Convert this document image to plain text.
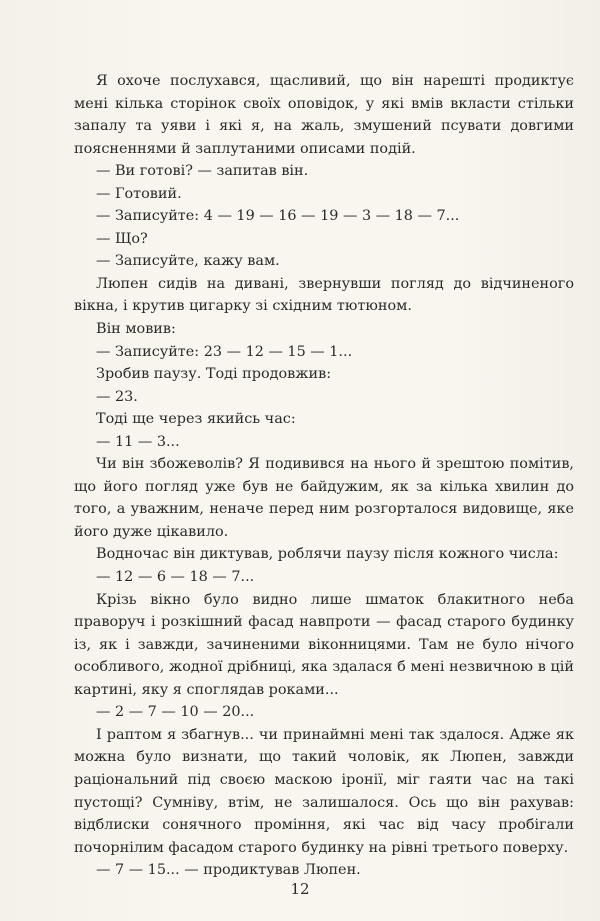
Я охоче послухався, щасливий, що він нарешті продиктує мені кілька сторінок своїх оповідок, у які вмів вкласти стільки запалу та уяви і які я, на жаль, змушений псувати довгими поясненнями й заплутаними описами подій.

— Ви готові? — запитав він.

— Готовий.

— Записуйте: 4 — 19 — 16 — 19 — 3 — 18 — 7...

— Що?

— Записуйте, кажу вам.

Люпен сидів на дивані, звернувши погляд до відчиненого вікна, і крутив цигарку зі східним тютюном.

Він мовив:

— Записуйте: 23 — 12 — 15 — 1...

Зробив паузу. Тоді продовжив:

— 23.

Тоді ще через якийсь час:

— 11 — 3...

Чи він збожеволів? Я подивився на нього й зрештою помітив, що його погляд уже був не байдужим, як за кілька хвилин до того, а уважним, неначе перед ним розгорталося видовище, яке його дуже цікавило.

Водночас він диктував, роблячи паузу після кожного числа:

— 12 — 6 — 18 — 7...

Крізь вікно було видно лише шматок блакитного неба праворуч і розкішний фасад навпроти — фасад старого будинку із, як і завжди, зачиненими віконницями. Там не було нічого особливого, жодної дрібниці, яка здалася б мені незвичною в цій картині, яку я споглядав роками...

— 2 — 7 — 10 — 20...

І раптом я збагнув... чи принаймні мені так здалося. Адже як можна було визнати, що такий чоловік, як Люпен, завжди раціональний під своєю маскою іронії, міг гаяти час на такі пустощі? Сумніву, втім, не залишалося. Ось що він рахував: відблиски сонячного проміння, які час від часу пробігали почорнілим фасадом старого будинку на рівні третього поверху.

— 7 — 15... — продиктував Люпен.

12
